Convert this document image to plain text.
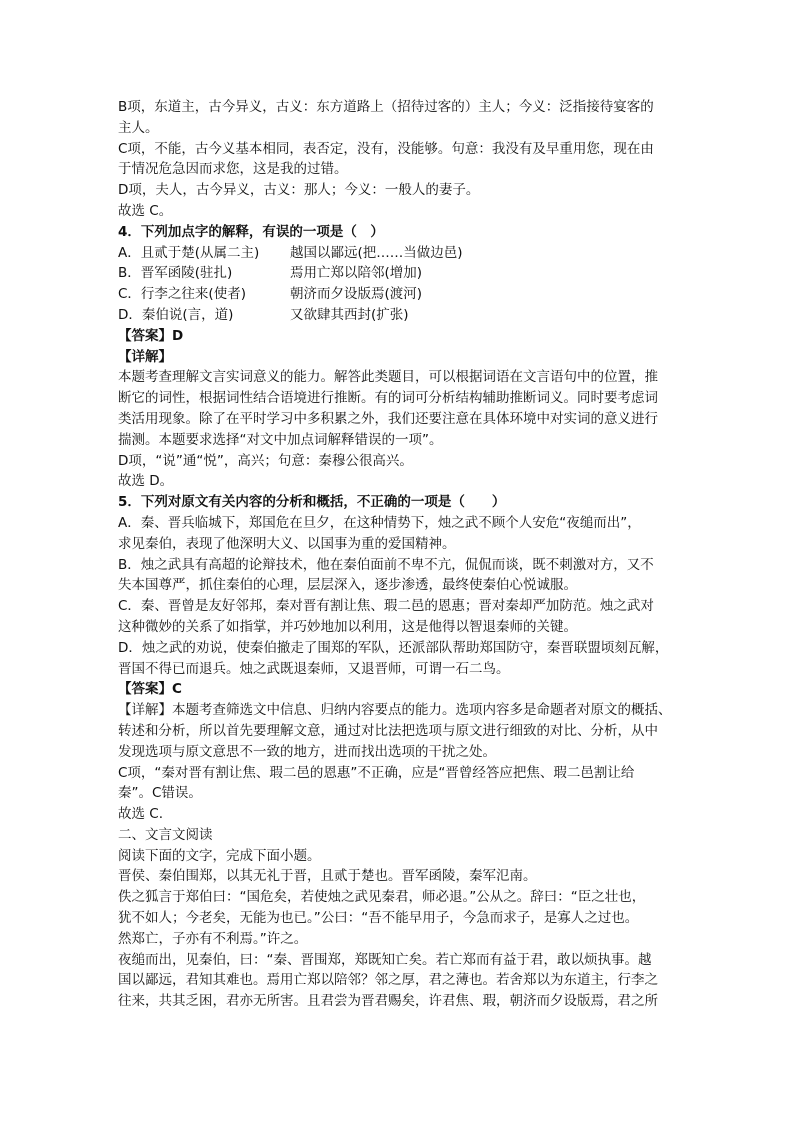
B项，东道主，古今异义，古义：东方道路上（招待过客的）主人；今义：泛指接待宴客的
主人。
C项，不能，古今义基本相同，表否定，没有，没能够。句意：我没有及早重用您，现在由
于情况危急因而求您，这是我的过错。
D项，夫人，古今异义，古义：那人；今义：一般人的妻子。
故选 C。
4．下列加点字的解释，有误的一项是（　）
A．且贰于楚(从属二主)	越国以鄙远(把……当做边邑)
B．晋军函陵(驻扎)	焉用亡郑以陪邻(增加)
C．行李之往来(使者)	朝济而夕设版焉(渡河)
D．秦伯说(言，道)	又欲肆其西封(扩张)
【答案】D
【详解】
本题考查理解文言实词意义的能力。解答此类题目，可以根据词语在文言语句中的位置，推
断它的词性，根据词性结合语境进行推断。有的词可分析结构辅助推断词义。同时要考虑词
类活用现象。除了在平时学习中多积累之外，我们还要注意在具体环境中对实词的意义进行
揣测。本题要求选择“对文中加点词解释错误的一项”。
D项，“说”通“悦”，高兴；句意：秦穆公很高兴。
故选 D。
5．下列对原文有关内容的分析和概括，不正确的一项是（　　）
A．秦、晋兵临城下，郑国危在旦夕，在这种情势下，烛之武不顾个人安危“夜缒而出”，
求见秦伯，表现了他深明大义、以国事为重的爱国精神。
B．烛之武具有高超的论辩技术，他在秦伯面前不卑不亢，侃侃而谈，既不刺激对方，又不
失本国尊严，抓住秦伯的心理，层层深入，逐步渗透，最终使秦伯心悦诚服。
C．秦、晋曾是友好邻邦，秦对晋有割让焦、瑕二邑的恩惠；晋对秦却严加防范。烛之武对
这种微妙的关系了如指掌，并巧妙地加以利用，这是他得以智退秦师的关键。
D．烛之武的劝说，使秦伯撤走了围郑的军队，还派部队帮助郑国防守，秦晋联盟顷刻瓦解，
晋国不得已而退兵。烛之武既退秦师，又退晋师，可谓一石二鸟。
【答案】C
【详解】本题考查筛选文中信息、归纳内容要点的能力。选项内容多是命题者对原文的概括、
转述和分析，所以首先要理解文意，通过对比法把选项与原文进行细致的对比、分析，从中
发现选项与原文意思不一致的地方，进而找出选项的干扰之处。
C项，“秦对晋有割让焦、瑕二邑的恩惠”不正确，应是“晋曾经答应把焦、瑕二邑割让给
秦”。C错误。
故选 C.
二、文言文阅读
阅读下面的文字，完成下面小题。
晋侯、秦伯围郑，以其无礼于晋，且贰于楚也。晋军函陵，秦军氾南。
佚之狐言于郑伯曰：“国危矣，若使烛之武见秦君，师必退。”公从之。辞曰：“臣之壮也，
犹不如人；今老矣，无能为也已。”公曰：“吾不能早用子，今急而求子，是寡人之过也。
然郑亡，子亦有不利焉。”许之。
夜缒而出，见秦伯，曰：“秦、晋围郑，郑既知亡矣。若亡郑而有益于君，敢以烦执事。越
国以鄙远，君知其难也。焉用亡郑以陪邻？邻之厚，君之薄也。若舍郑以为东道主，行李之
往来，共其乏困，君亦无所害。且君尝为晋君赐矣，许君焦、瑕，朝济而夕设版焉，君之所
